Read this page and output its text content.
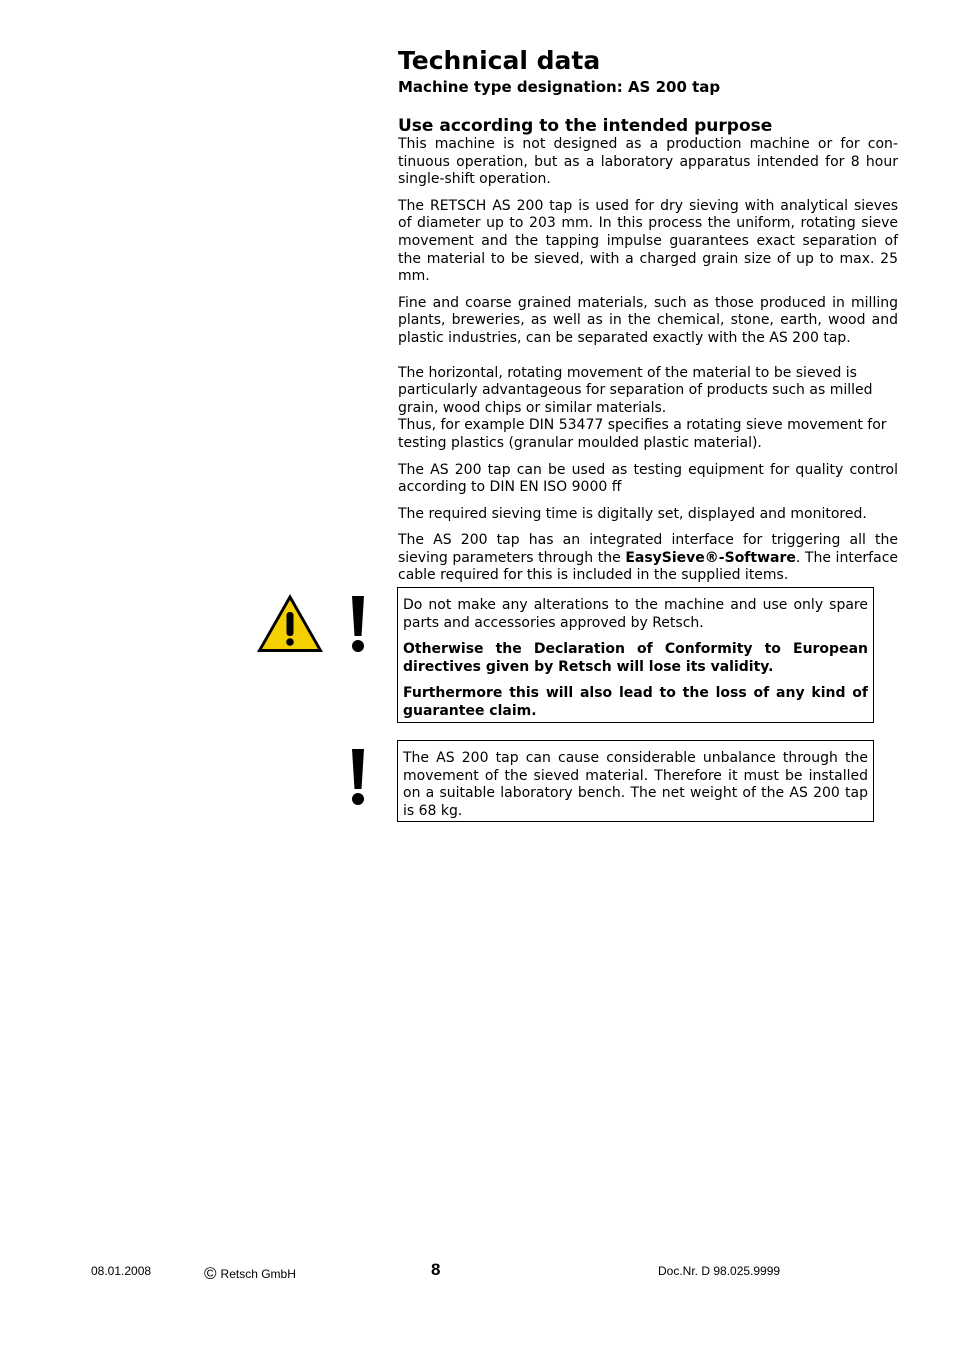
Technical data
Machine type designation: AS 200 tap
Use according to the intended purpose

This machine is not designed as a production machine or for continuous operation, but as a laboratory apparatus intended for 8 hour single-shift operation.

The RETSCH AS 200 tap is used for dry sieving with analytical sieves of diameter up to 203 mm. In this process the uniform, rotating sieve movement and the tapping impulse guarantees exact separation of the material to be sieved, with a charged grain size of up to max. 25 mm.

Fine and coarse grained materials, such as those produced in milling plants, breweries, as well as in the chemical, stone, earth, wood and plastic industries, can be separated exactly with the AS 200 tap.

The horizontal, rotating movement of the material to be sieved is particularly advantageous for separation of products such as milled grain, wood chips or similar materials.
Thus, for example DIN 53477 specifies a rotating sieve movement for testing plastics (granular moulded plastic material).

The AS 200 tap can be used as testing equipment for quality control according to DIN EN ISO 9000 ff

The required sieving time is digitally set, displayed and monitored.

The AS 200 tap has an integrated interface for triggering all the sieving parameters through the EasySieve®-Software. The interface cable required for this is included in the supplied items.

Do not make any alterations to the machine and use only spare parts and accessories approved by Retsch.

Otherwise the Declaration of Conformity to European directives given by Retsch will lose its validity.

Furthermore this will also lead to the loss of any kind of guarantee claim.

The AS 200 tap can cause considerable unbalance through the movement of the sieved material. Therefore it must be installed on a suitable laboratory bench. The net weight of the AS 200 tap is 68 kg.

08.01.2008	© Retsch GmbH	8	Doc.Nr. D 98.025.9999
